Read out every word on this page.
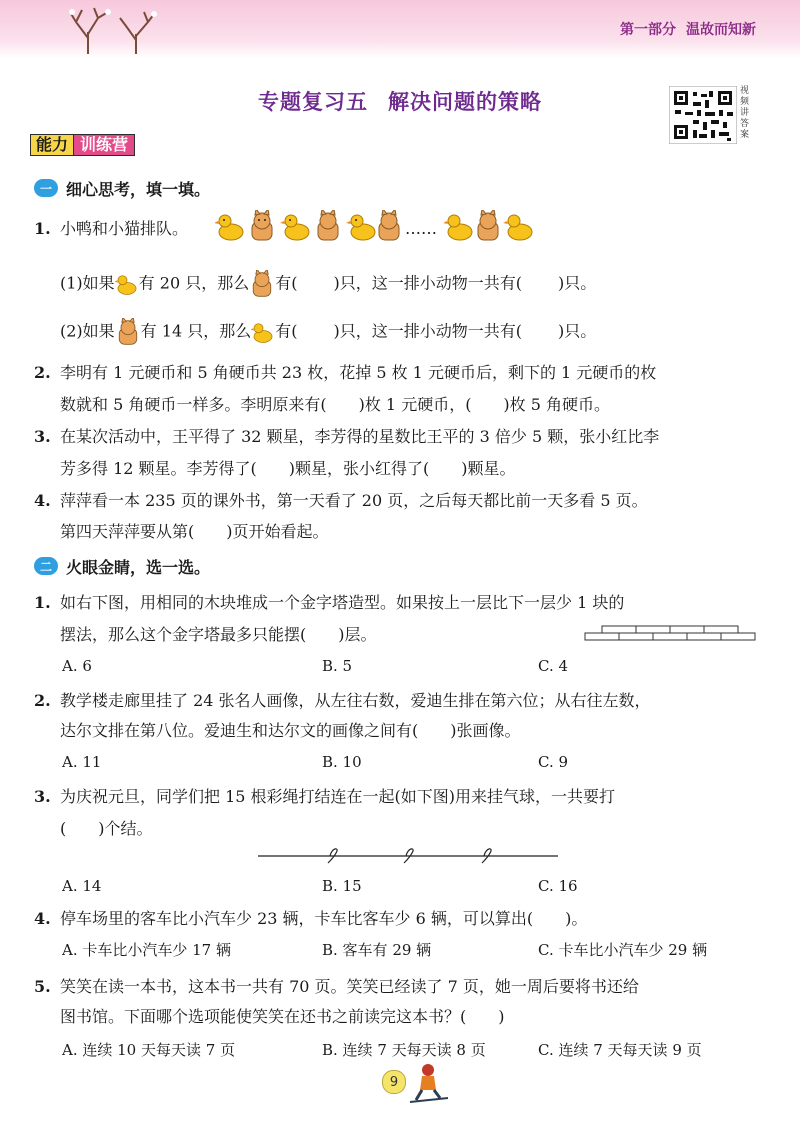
第一部分 温故而知新
专题复习五 解决问题的策略	视频讲答案
能力 训练营
一 细心思考，填一填。
1. 小鸭和小猫排队。	……
(1)如果 有 20 只，那么 有( )只，这一排小动物一共有( )只。
(2)如果 有 14 只，那么 有( )只，这一排小动物一共有( )只。
2. 李明有 1 元硬币和 5 角硬币共 23 枚，花掉 5 枚 1 元硬币后，剩下的 1 元硬币的枚
数就和 5 角硬币一样多。李明原来有(　　)枚 1 元硬币，(　　)枚 5 角硬币。
3. 在某次活动中，王平得了 32 颗星，李芳得的星数比王平的 3 倍少 5 颗，张小红比李
芳多得 12 颗星。李芳得了(　　)颗星，张小红得了(　　)颗星。
4. 萍萍看一本 235 页的课外书，第一天看了 20 页，之后每天都比前一天多看 5 页。
第四天萍萍要从第(　　)页开始看起。
二 火眼金睛，选一选。
1. 如右下图，用相同的木块堆成一个金字塔造型。如果按上一层比下一层少 1 块的
摆法，那么这个金字塔最多只能摆(　　)层。
A. 6	B. 5	C. 4
2. 教学楼走廊里挂了 24 张名人画像，从左往右数，爱迪生排在第六位；从右往左数，
达尔文排在第八位。爱迪生和达尔文的画像之间有(　　)张画像。
A. 11	B. 10	C. 9
3. 为庆祝元旦，同学们把 15 根彩绳打结连在一起(如下图)用来挂气球，一共要打
(　　)个结。
A. 14	B. 15	C. 16
4. 停车场里的客车比小汽车少 23 辆，卡车比客车少 6 辆，可以算出(　　)。
A. 卡车比小汽车少 17 辆	B. 客车有 29 辆	C. 卡车比小汽车少 29 辆
5. 笑笑在读一本书，这本书一共有 70 页。笑笑已经读了 7 页，她一周后要将书还给
图书馆。下面哪个选项能使笑笑在还书之前读完这本书？(　　)
A. 连续 10 天每天读 7 页	B. 连续 7 天每天读 8 页	C. 连续 7 天每天读 9 页
9
